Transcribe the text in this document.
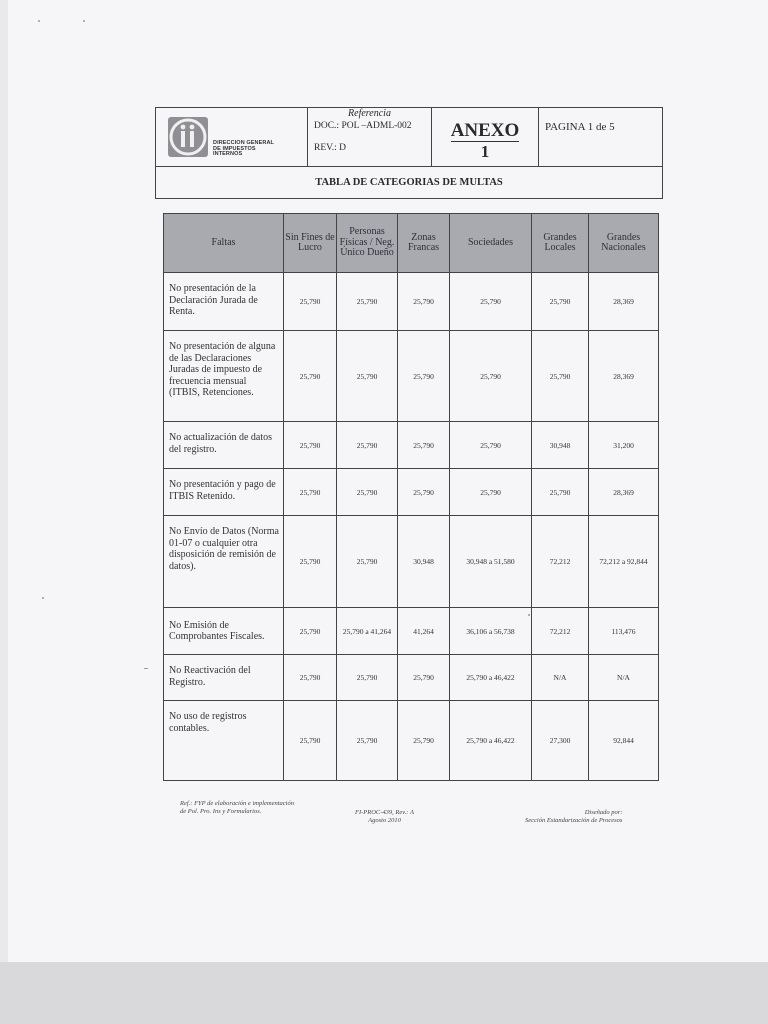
DIRECCION GENERAL
DE IMPUESTOS
INTERNOS
Referencia
DOC.: POL –ADML-002
REV.: D
ANEXO
1
PAGINA 1 de 5
TABLA DE CATEGORIAS DE MULTAS
Faltas	Sin Fines de Lucro	Personas Físicas / Neg. Único Dueño	Zonas Francas	Sociedades	Grandes Locales	Grandes Nacionales
No presentación de la Declaración Jurada de Renta.	25,790	25,790	25,790	25,790	25,790	28,369
No presentación de alguna de las Declaraciones Juradas de impuesto de frecuencia mensual (ITBIS, Retenciones.	25,790	25,790	25,790	25,790	25,790	28,369
No actualización de datos del registro.	25,790	25,790	25,790	25,790	30,948	31,200
No presentación y pago de ITBIS Retenido.	25,790	25,790	25,790	25,790	25,790	28,369
No Envío de Datos (Norma 01-07 o cualquier otra disposición de remisión de datos).	25,790	25,790	30,948	30,948 a 51,580	72,212	72,212 a 92,844
No Emisión de Comprobantes Fiscales.	25,790	25,790 a 41,264	41,264	36,106 a 56,738	72,212	113,476
No Reactivación del Registro.	25,790	25,790	25,790	25,790 a 46,422	N/A	N/A
No uso de registros contables.	25,790	25,790	25,790	25,790 a 46,422	27,300	92,844
Ref.: FYP de elaboración e implementación
de Pol. Pro. Ins y Formularios.	FI-PROC-439, Rev.: A
Agosto 2010
Diseñado por:
Sección Estandarización de Procesos
